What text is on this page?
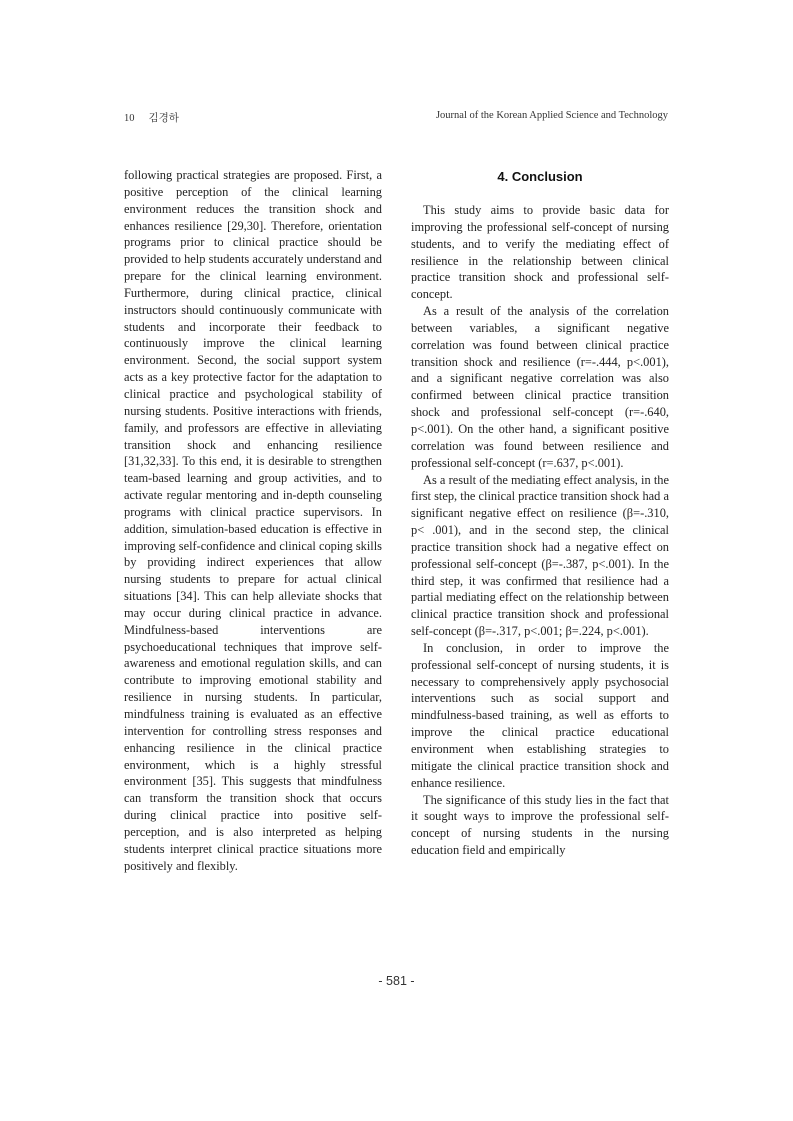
10 김경하	Journal of the Korean Applied Science and Technology

following practical strategies are proposed. First, a positive perception of the clinical learning environment reduces the transition shock and enhances resilience [29,30]. Therefore, orientation programs prior to clinical practice should be provided to help students accurately understand and prepare for the clinical learning environment. Furthermore, during clinical practice, clinical instructors should continuously communicate with students and incorporate their feedback to continuously improve the clinical learning environment. Second, the social support system acts as a key protective factor for the adaptation to clinical practice and psychological stability of nursing students. Positive interactions with friends, family, and professors are effective in alleviating transition shock and enhancing resilience [31,32,33]. To this end, it is desirable to strengthen team-based learning and group activities, and to activate regular mentoring and in-depth counseling programs with clinical practice supervisors. In addition, simulation-based education is effective in improving self-confidence and clinical coping skills by providing indirect experiences that allow nursing students to prepare for actual clinical situations [34]. This can help alleviate shocks that may occur during clinical practice in advance. Mindfulness-based interventions are psychoeducational techniques that improve self-awareness and emotional regulation skills, and can contribute to improving emotional stability and resilience in nursing students. In particular, mindfulness training is evaluated as an effective intervention for controlling stress responses and enhancing resilience in the clinical practice environment, which is a highly stressful environment [35]. This suggests that mindfulness can transform the transition shock that occurs during clinical practice into positive self-perception, and is also interpreted as helping students interpret clinical practice situations more positively and flexibly.

4. Conclusion

This study aims to provide basic data for improving the professional self-concept of nursing students, and to verify the mediating effect of resilience in the relationship between clinical practice transition shock and professional self-concept.

As a result of the analysis of the correlation between variables, a significant negative correlation was found between clinical practice transition shock and resilience (r=-.444, p<.001), and a significant negative correlation was also confirmed between clinical practice transition shock and professional self-concept (r=-.640, p<.001). On the other hand, a significant positive correlation was found between resilience and professional self-concept (r=.637, p<.001).

As a result of the mediating effect analysis, in the first step, the clinical practice transition shock had a significant negative effect on resilience (β=-.310, p< .001), and in the second step, the clinical practice transition shock had a negative effect on professional self-concept (β=-.387, p<.001). In the third step, it was confirmed that resilience had a partial mediating effect on the relationship between clinical practice transition shock and professional self-concept (β=-.317, p<.001; β=.224, p<.001).

In conclusion, in order to improve the professional self-concept of nursing students, it is necessary to comprehensively apply psychosocial interventions such as social support and mindfulness-based training, as well as efforts to improve the clinical practice educational environment when establishing strategies to mitigate the clinical practice transition shock and enhance resilience.

The significance of this study lies in the fact that it sought ways to improve the professional self-concept of nursing students in the nursing education field and empirically

- 581 -
